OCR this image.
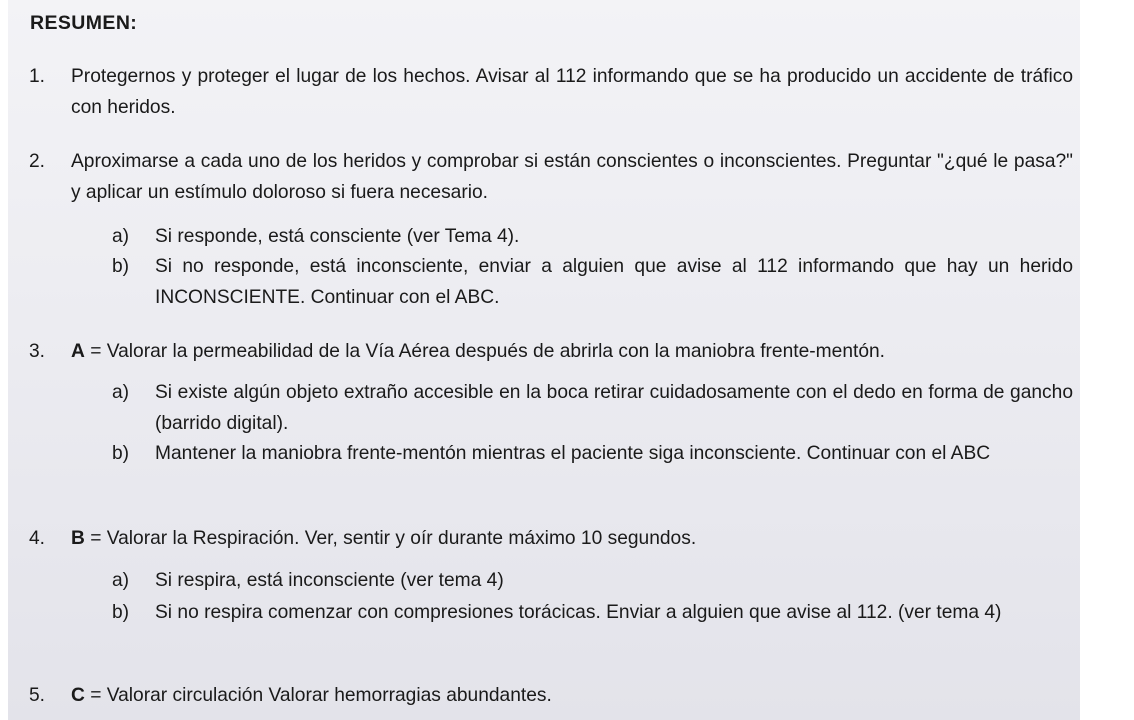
RESUMEN:
1. Protegernos y proteger el lugar de los hechos. Avisar al 112 informando que se ha producido un accidente de tráfico con heridos.
2. Aproximarse a cada uno de los heridos y comprobar si están conscientes o inconscientes. Preguntar "¿qué le pasa?" y aplicar un estímulo doloroso si fuera necesario.
a) Si responde, está consciente (ver Tema 4).
b) Si no responde, está inconsciente, enviar a alguien que avise al 112 informando que hay un herido INCONSCIENTE. Continuar con el ABC.
3. A = Valorar la permeabilidad de la Vía Aérea después de abrirla con la maniobra frente-mentón.
a) Si existe algún objeto extraño accesible en la boca retirar cuidadosamente con el dedo en forma de gancho (barrido digital).
b) Mantener la maniobra frente-mentón mientras el paciente siga inconsciente. Continuar con el ABC
4. B = Valorar la Respiración. Ver, sentir y oír durante máximo 10 segundos.
a) Si respira, está inconsciente (ver tema 4)
b) Si no respira comenzar con compresiones torácicas. Enviar a alguien que avise al 112. (ver tema 4)
5. C = Valorar circulación Valorar hemorragias abundantes.
